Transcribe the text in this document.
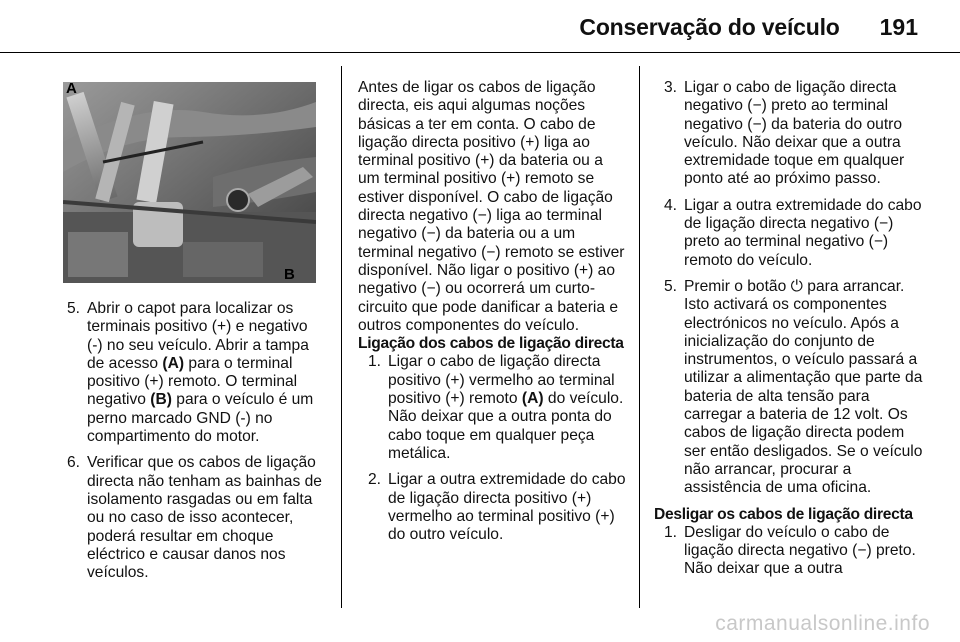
Conservação do veículo 191
A
B
5. Abrir o capot para localizar os terminais positivo (+) e negativo (-) no seu veículo. Abrir a tampa de acesso (A) para o terminal positivo (+) remoto. O terminal negativo (B) para o veículo é um perno marcado GND (-) no compartimento do motor.
6. Verificar que os cabos de ligação directa não tenham as bainhas de isolamento rasgadas ou em falta ou no caso de isso acontecer, poderá resultar em choque eléctrico e causar danos nos veículos.

Antes de ligar os cabos de ligação directa, eis aqui algumas noções básicas a ter em conta. O cabo de ligação directa positivo (+) liga ao terminal positivo (+) da bateria ou a um terminal positivo (+) remoto se estiver disponível. O cabo de ligação directa negativo (−) liga ao terminal negativo (−) da bateria ou a um terminal negativo (−) remoto se estiver disponível. Não ligar o positivo (+) ao negativo (−) ou ocorrerá um curto-circuito que pode danificar a bateria e outros componentes do veículo.

Ligação dos cabos de ligação directa

1. Ligar o cabo de ligação directa positivo (+) vermelho ao terminal positivo (+) remoto (A) do veículo. Não deixar que a outra ponta do cabo toque em qualquer peça metálica.
2. Ligar a outra extremidade do cabo de ligação directa positivo (+) vermelho ao terminal positivo (+) do outro veículo.
3. Ligar o cabo de ligação directa negativo (−) preto ao terminal negativo (−) da bateria do outro veículo. Não deixar que a outra extremidade toque em qualquer ponto até ao próximo passo.
4. Ligar a outra extremidade do cabo de ligação directa negativo (−) preto ao terminal negativo (−) remoto do veículo.
5. Premir o botão ⏻ para arrancar. Isto activará os componentes electrónicos no veículo. Após a inicialização do conjunto de instrumentos, o veículo passará a utilizar a alimentação que parte da bateria de alta tensão para carregar a bateria de 12 volt. Os cabos de ligação directa podem ser então desligados. Se o veículo não arrancar, procurar a assistência de uma oficina.

Desligar os cabos de ligação directa

1. Desligar do veículo o cabo de ligação directa negativo (−) preto. Não deixar que a outra
carmanualsonline.info
